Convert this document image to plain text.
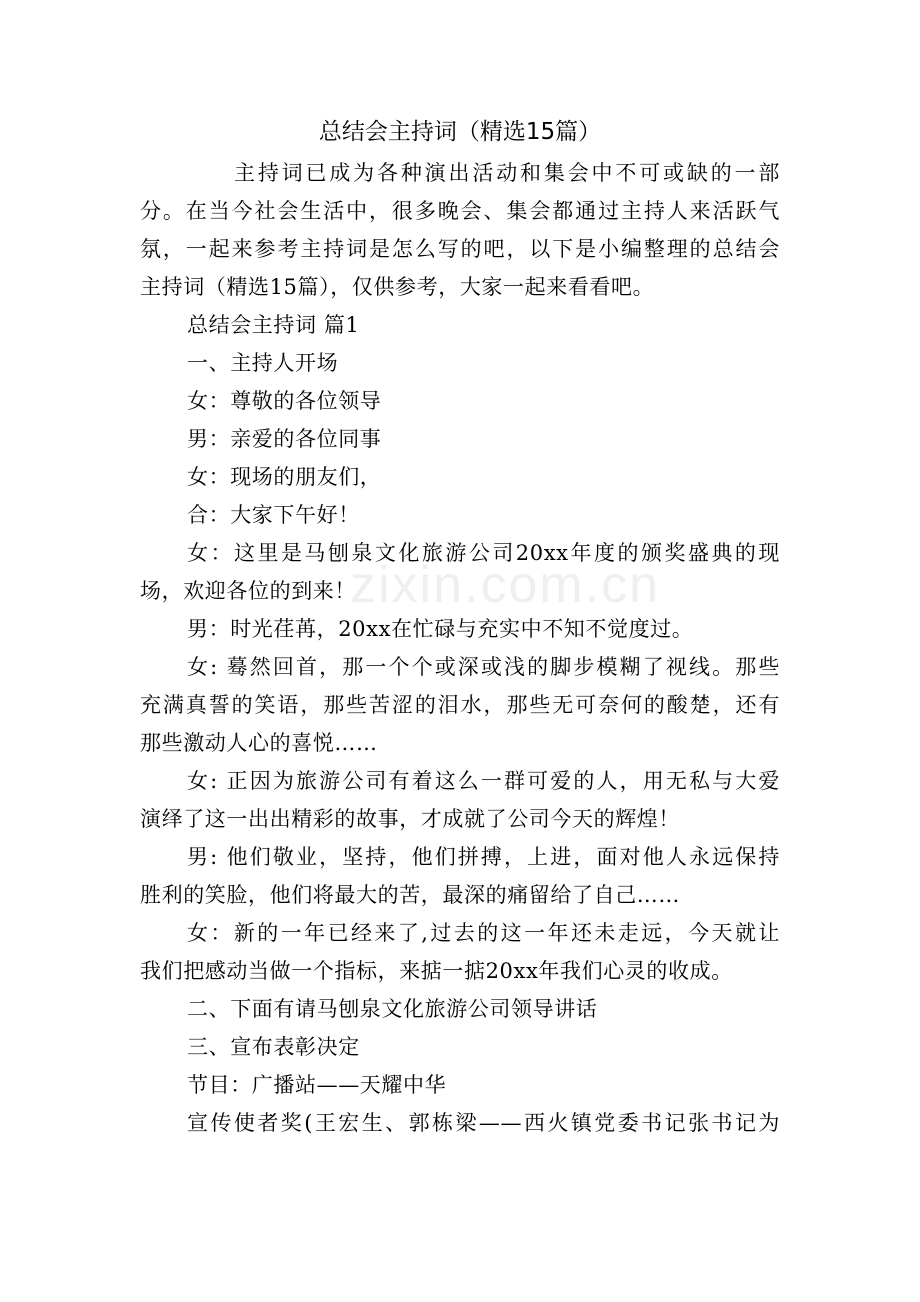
zixin.com.cn
总结会主持词（精选15篇）
主持词已成为各种演出活动和集会中不可或缺的一部
分。在当今社会生活中，很多晚会、集会都通过主持人来活跃气
氛，一起来参考主持词是怎么写的吧，以下是小编整理的总结会
主持词（精选15篇），仅供参考，大家一起来看看吧。
总结会主持词 篇1
一、主持人开场
女：尊敬的各位领导
男：亲爱的各位同事
女：现场的朋友们，
合：大家下午好！
女：这里是马刨泉文化旅游公司20xx年度的颁奖盛典的现
场，欢迎各位的到来！
男：时光荏苒，20xx在忙碌与充实中不知不觉度过。
女: 蓦然回首，那一个个或深或浅的脚步模糊了视线。那些
充满真誓的笑语，那些苦涩的泪水，那些无可奈何的酸楚，还有
那些激动人心的喜悦……
女: 正因为旅游公司有着这么一群可爱的人，用无私与大爱
演绎了这一出出精彩的故事，才成就了公司今天的辉煌！
男: 他们敬业，坚持，他们拼搏，上进，面对他人永远保持
胜利的笑脸，他们将最大的苦，最深的痛留给了自己……
女：新的一年已经来了,过去的这一年还未走远，今天就让
我们把感动当做一个指标，来掂一掂20xx年我们心灵的收成。
二、下面有请马刨泉文化旅游公司领导讲话
三、宣布表彰决定
节目：广播站——天耀中华
宣传使者奖(王宏生、郭栋梁——西火镇党委书记张书记为
